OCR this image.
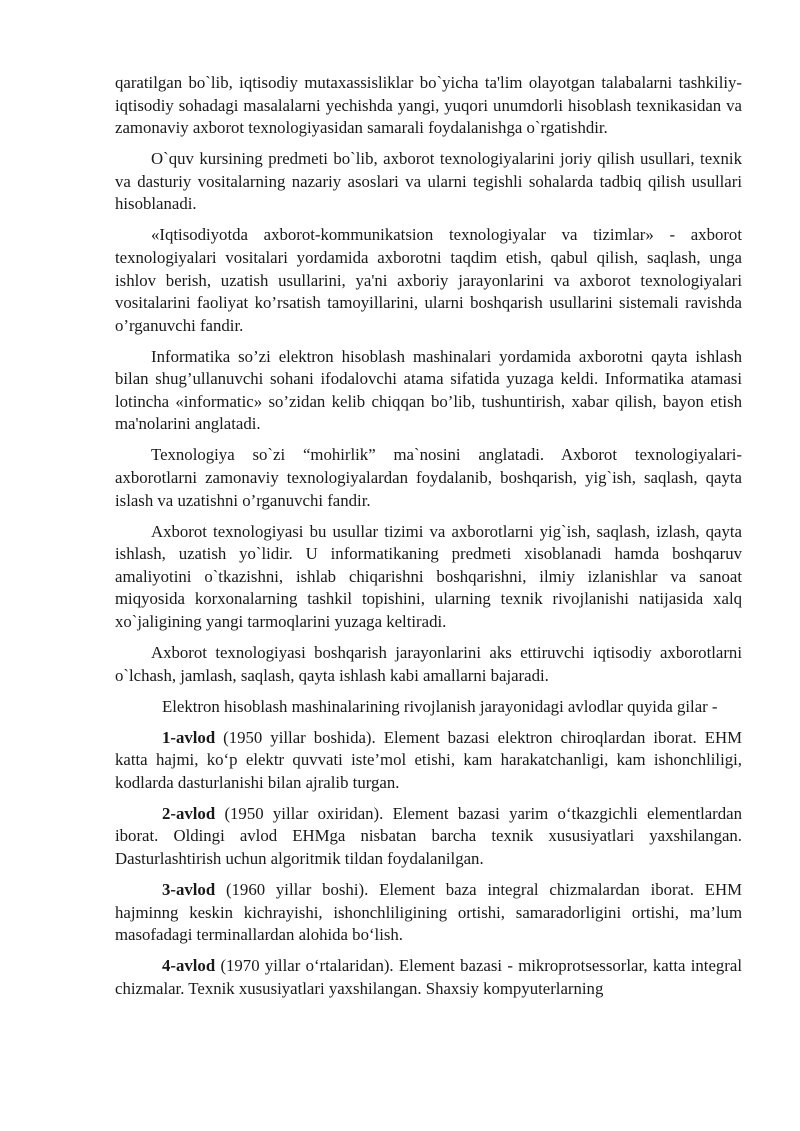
qaratilgan bo`lib, iqtisodiy mutaxassisliklar bo`yicha ta'lim olayotgan talabalarni tashkiliy-iqtisodiy sohadagi masalalarni yechishda yangi, yuqori unumdorli hisoblash texnikasidan va zamonaviy axborot texnologiyasidan samarali foydalanishga o`rgatishdir.

O`quv kursining predmeti bo`lib, axborot texnologiyalarini joriy qilish usullari, texnik va dasturiy vositalarning nazariy asoslari va ularni tegishli sohalarda tadbiq qilish usullari hisoblanadi.

«Iqtisodiyotda axborot-kommunikatsion texnologiyalar va tizimlar» - axborot texnologiyalari vositalari yordamida axborotni taqdim etish, qabul qilish, saqlash, unga ishlov berish, uzatish usullarini, ya'ni axboriy jarayonlarini va axborot texnologiyalari vositalarini faoliyat ko’rsatish tamoyillarini, ularni boshqarish usullarini sistemali ravishda o’rganuvchi fandir.

Informatika so’zi elektron hisoblash mashinalari yordamida axborotni qayta ishlash bilan shug’ullanuvchi sohani ifodalovchi atama sifatida yuzaga keldi. Informatika atamasi lotincha «informatic» so’zidan kelib chiqqan bo’lib, tushuntirish, xabar qilish, bayon etish ma'nolarini anglatadi.

Texnologiya so`zi “mohirlik” ma`nosini anglatadi. Axborot texnologiyalari-axborotlarni zamonaviy texnologiyalardan foydalanib, boshqarish, yig`ish, saqlash, qayta islash va uzatishni o’rganuvchi fandir.

Axborot texnologiyasi bu usullar tizimi va axborotlarni yig`ish, saqlash, izlash, qayta ishlash, uzatish yo`lidir. U informatikaning predmeti xisoblanadi hamda boshqaruv amaliyotini o`tkazishni, ishlab chiqarishni boshqarishni, ilmiy izlanishlar va sanoat miqyosida korxonalarning tashkil topishini, ularning texnik rivojlanishi natijasida xalq xo`jaligining yangi tarmoqlarini yuzaga keltiradi.

Axborot texnologiyasi boshqarish jarayonlarini aks ettiruvchi iqtisodiy axborotlarni o`lchash, jamlash, saqlash, qayta ishlash kabi amallarni bajaradi.

Elektron hisoblash mashinalarining rivojlanish jarayonidagi avlodlar quyida gilar -

1-avlod (1950 yillar boshida). Element bazasi elektron chiroqlardan iborat. EHM katta hajmi, ko‘p elektr quvvati iste’mol etishi, kam harakatchanligi, kam ishonchliligi, kodlarda dasturlanishi bilan ajralib turgan.

2-avlod (1950 yillar oxiridan). Element bazasi yarim o‘tkazgichli elementlardan iborat. Oldingi avlod EHMga nisbatan barcha texnik xususiyatlari yaxshilangan. Dasturlashtirish uchun algoritmik tildan foydalanilgan.

3-avlod (1960 yillar boshi). Element baza integral chizmalardan iborat. EHM hajminng keskin kichrayishi, ishonchliligining ortishi, samaradorligini ortishi, ma’lum masofadagi terminallardan alohida bo‘lish.

4-avlod (1970 yillar o‘rtalaridan). Element bazasi - mikroprotsessorlar, katta integral chizmalar. Texnik xususiyatlari yaxshilangan. Shaxsiy kompyuterlarning
